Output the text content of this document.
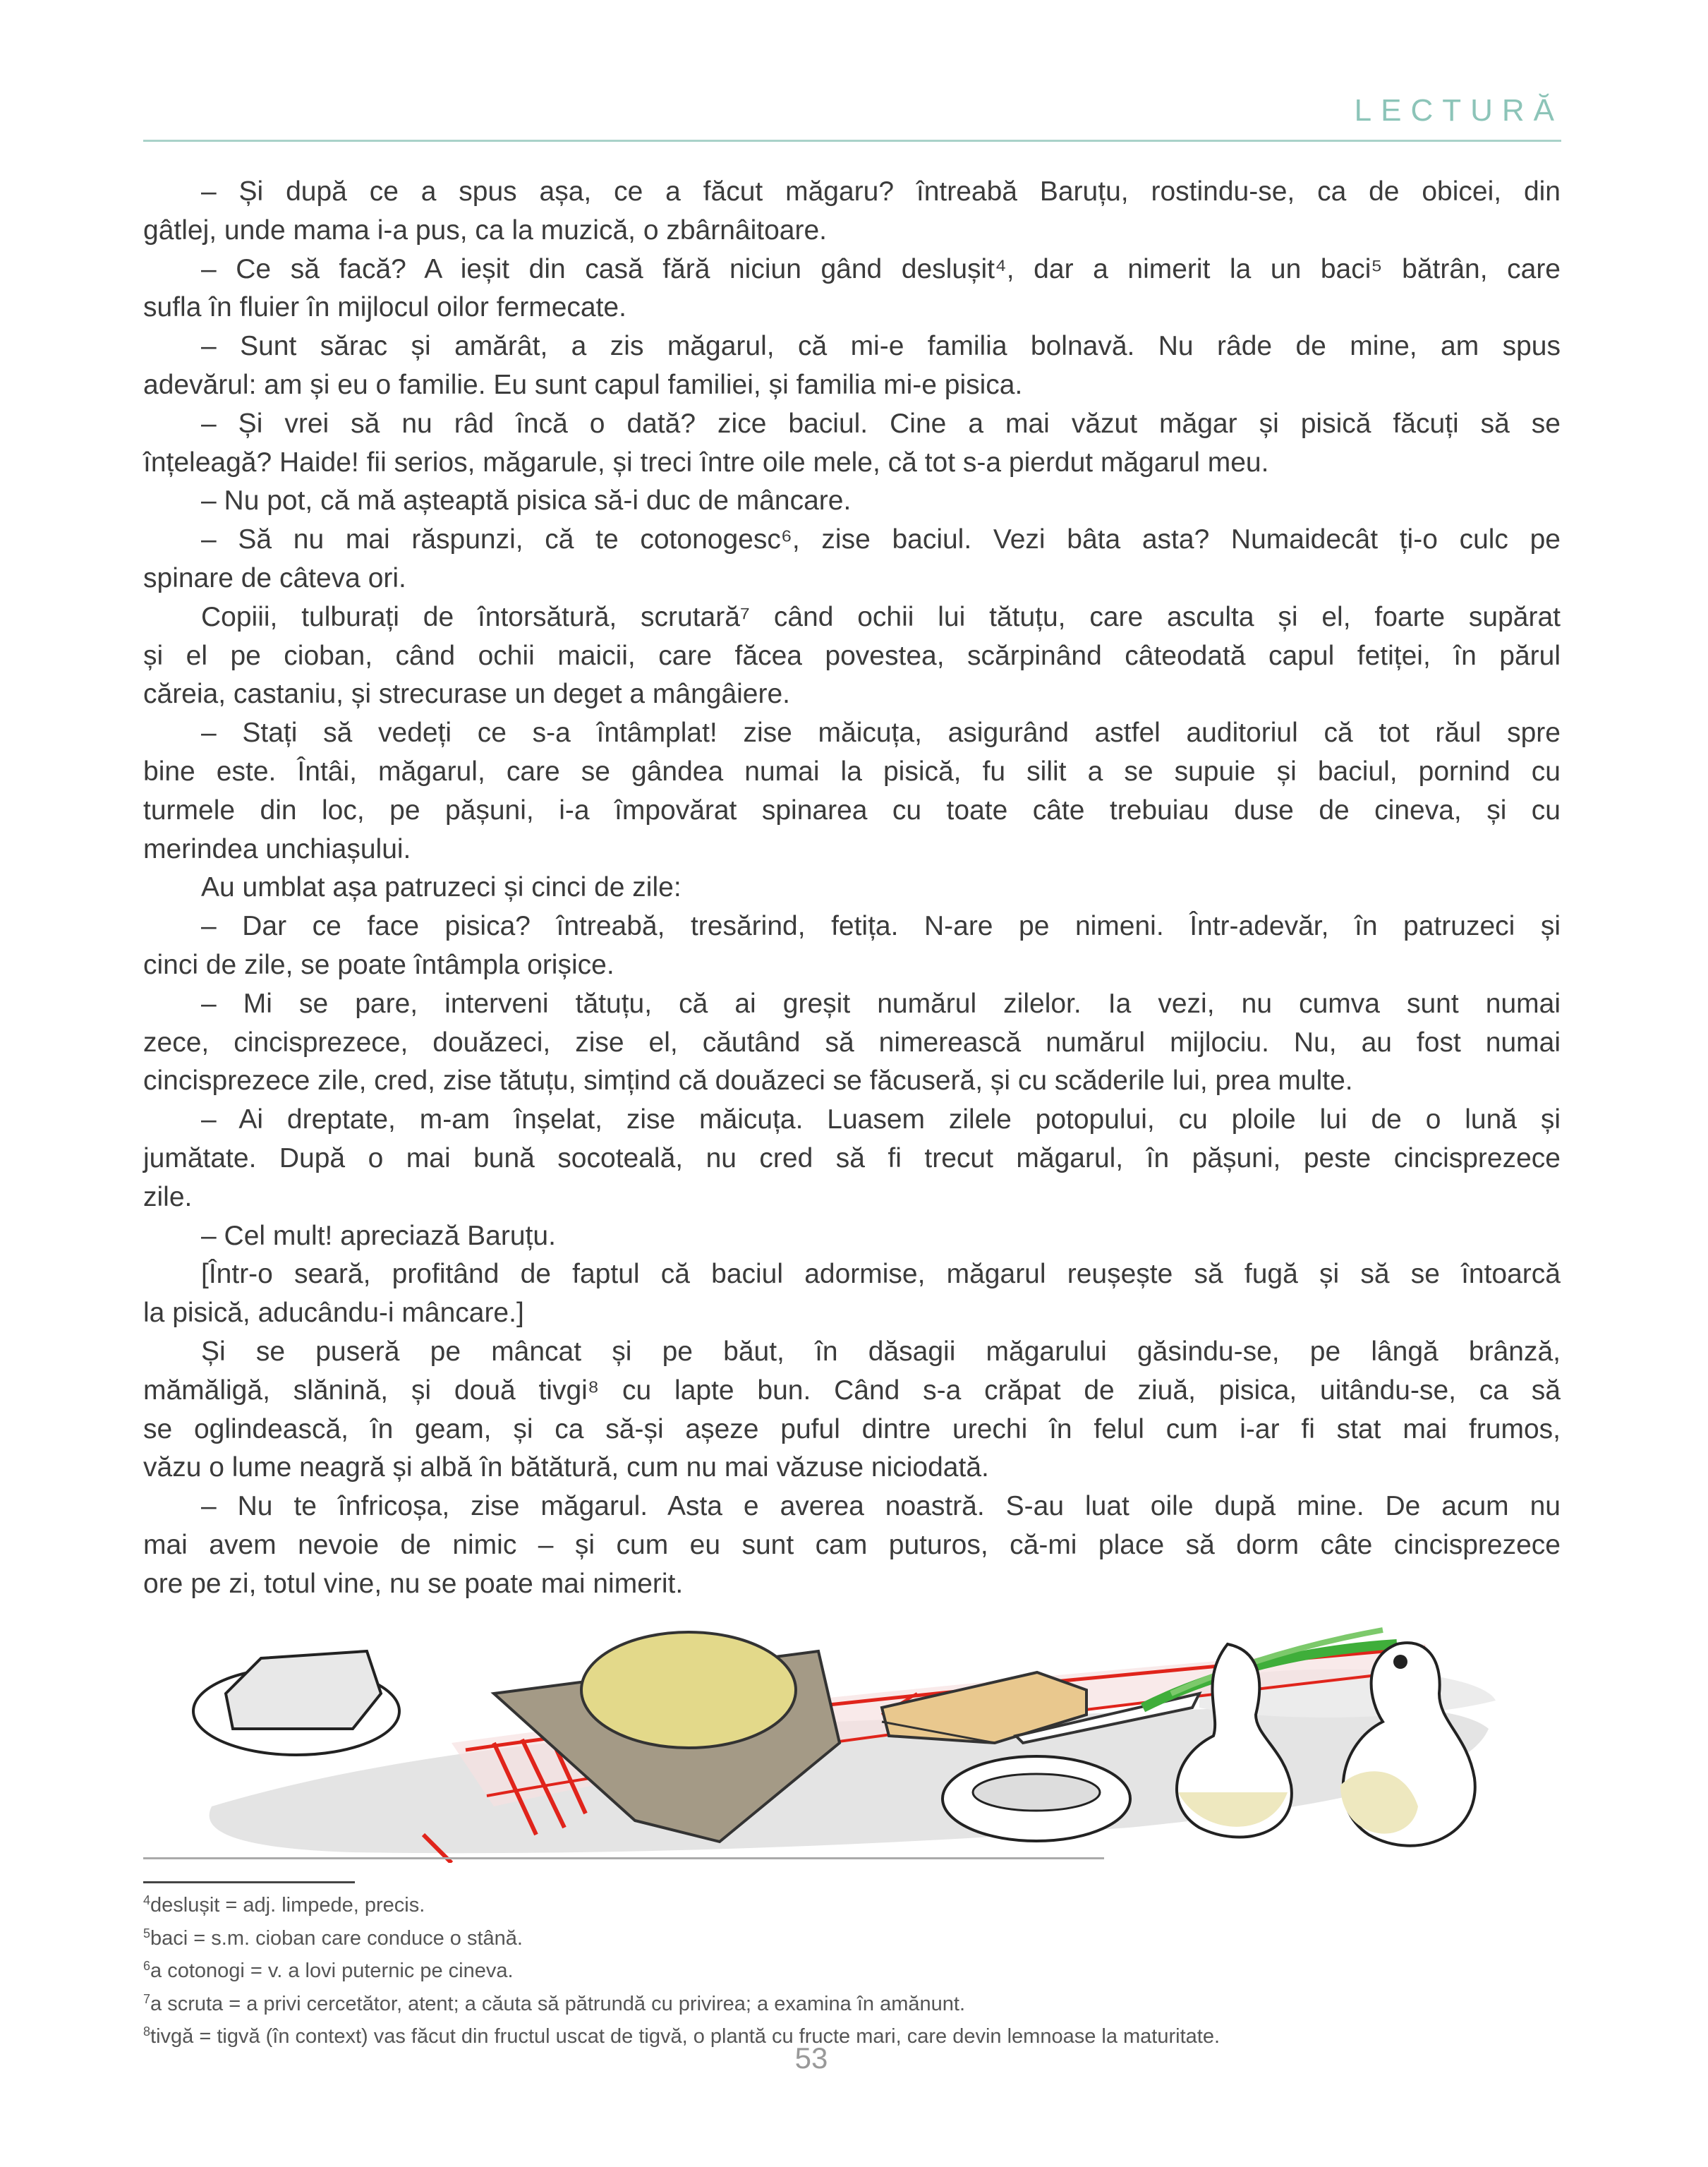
LECTURĂ
– Și după ce a spus așa, ce a făcut măgaru? întreabă Baruțu, rostindu-se, ca de obicei, din
gâtlej, unde mama i-a pus, ca la muzică, o zbârnâitoare.
– Ce să facă? A ieșit din casă fără niciun gând deslușit⁴, dar a nimerit la un baci⁵ bătrân, care
sufla în fluier în mijlocul oilor fermecate.
– Sunt sărac și amărât, a zis măgarul, că mi-e familia bolnavă. Nu râde de mine, am spus
adevărul: am și eu o familie. Eu sunt capul familiei, și familia mi-e pisica.
– Și vrei să nu râd încă o dată? zice baciul. Cine a mai văzut măgar și pisică făcuți să se
înțeleagă? Haide! fii serios, măgarule, și treci între oile mele, că tot s-a pierdut măgarul meu.
– Nu pot, că mă așteaptă pisica să-i duc de mâncare.
– Să nu mai răspunzi, că te cotonogesc⁶, zise baciul. Vezi bâta asta? Numaidecât ți-o culc pe
spinare de câteva ori.
Copiii, tulburați de întorsătură, scrutară⁷ când ochii lui tătuțu, care asculta și el, foarte supărat
și el pe cioban, când ochii maicii, care făcea povestea, scărpinând câteodată capul fetiței, în părul
căreia, castaniu, și strecurase un deget a mângâiere.
– Stați să vedeți ce s-a întâmplat! zise măicuța, asigurând astfel auditoriul că tot răul spre
bine este. Întâi, măgarul, care se gândea numai la pisică, fu silit a se supuie și baciul, pornind cu
turmele din loc, pe pășuni, i-a împovărat spinarea cu toate câte trebuiau duse de cineva, și cu
merindea unchiașului.
Au umblat așa patruzeci și cinci de zile:
– Dar ce face pisica? întreabă, tresărind, fetița. N-are pe nimeni. Într-adevăr, în patruzeci și
cinci de zile, se poate întâmpla orișice.
– Mi se pare, interveni tătuțu, că ai greșit numărul zilelor. Ia vezi, nu cumva sunt numai
zece, cincisprezece, douăzeci, zise el, căutând să nimerească numărul mijlociu. Nu, au fost numai
cincisprezece zile, cred, zise tătuțu, simțind că douăzeci se făcuseră, și cu scăderile lui, prea multe.
– Ai dreptate, m-am înșelat, zise măicuța. Luasem zilele potopului, cu ploile lui de o lună și
jumătate. După o mai bună socoteală, nu cred să fi trecut măgarul, în pășuni, peste cincisprezece
zile.
– Cel mult! apreciază Baruțu.
[Într-o seară, profitând de faptul că baciul adormise, măgarul reușește să fugă și să se întoarcă
la pisică, aducându-i mâncare.]
Și se puseră pe mâncat și pe băut, în dăsagii măgarului găsindu-se, pe lângă brânză,
mămăligă, slănină, și două tivgi⁸ cu lapte bun. Când s-a crăpat de ziuă, pisica, uitându-se, ca să
se oglindească, în geam, și ca să-și așeze puful dintre urechi în felul cum i-ar fi stat mai frumos,
văzu o lume neagră și albă în bătătură, cum nu mai văzuse niciodată.
– Nu te înfricoșa, zise măgarul. Asta e averea noastră. S-au luat oile după mine. De acum nu
mai avem nevoie de nimic – și cum eu sunt cam puturos, că-mi place să dorm câte cincisprezece
ore pe zi, totul vine, nu se poate mai nimerit.
$^4$deslușit = adj. limpede, precis.
$^5$baci = s.m. cioban care conduce o stână.
$^6$a cotonogi = v. a lovi puternic pe cineva.
$^7$a scruta = a privi cercetător, atent; a căuta să pătrundă cu privirea; a examina în amănunt.
$^8$tivgă = tigvă (în context) vas făcut din fructul uscat de tigvă, o plantă cu fructe mari, care devin lemnoase la maturitate.
53
